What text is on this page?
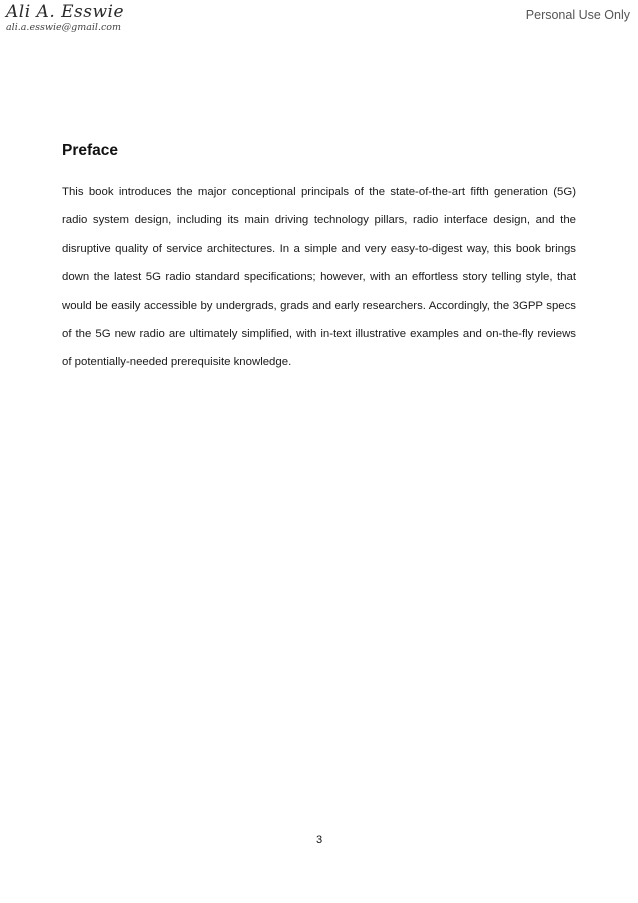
Ali A. Esswie
ali.a.esswie@gmail.com
Personal Use Only
Preface

This book introduces the major conceptional principals of the state-of-the-art fifth generation (5G) radio system design, including its main driving technology pillars, radio interface design, and the disruptive quality of service architectures. In a simple and very easy-to-digest way, this book brings down the latest 5G radio standard specifications; however, with an effortless story telling style, that would be easily accessible by undergrads, grads and early researchers. Accordingly, the 3GPP specs of the 5G new radio are ultimately simplified, with in-text illustrative examples and on-the-fly reviews of potentially-needed prerequisite knowledge.

3
